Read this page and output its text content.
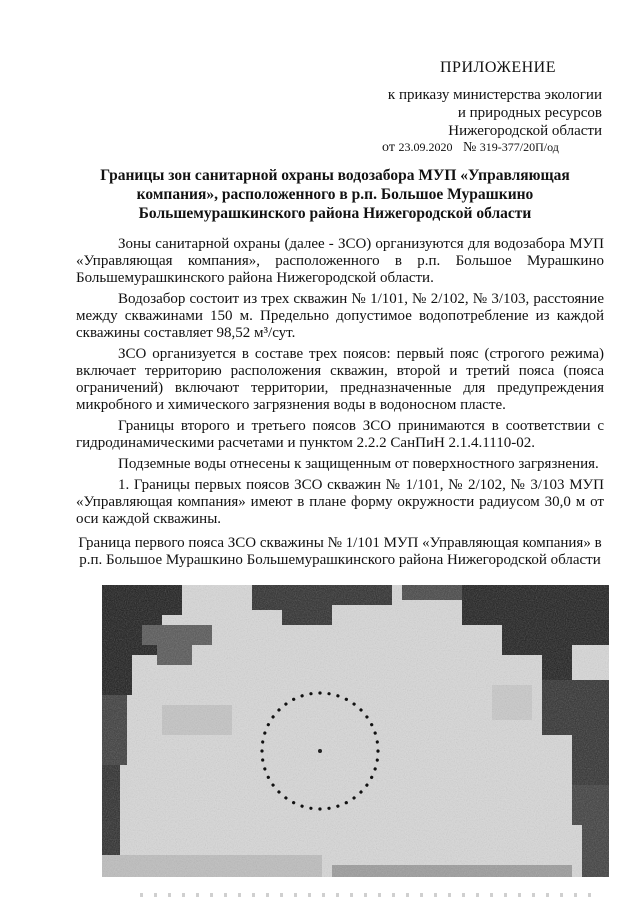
ПРИЛОЖЕНИЕ
к приказу министерства экологии
и природных ресурсов
Нижегородской области
от 23.09.2020 № 319-377/20П/од
Границы зон санитарной охраны водозабора МУП «Управляющая компания», расположенного в р.п. Большое Мурашкино Большемурашкинского района Нижегородской области

Зоны санитарной охраны (далее - ЗСО) организуются для водозабора МУП «Управляющая компания», расположенного в р.п. Большое Мурашкино Большемурашкинского района Нижегородской области.

Водозабор состоит из трех скважин № 1/101, № 2/102, № 3/103, расстояние между скважинами 150 м. Предельно допустимое водопотребление из каждой скважины составляет 98,52 м³/сут.

ЗСО организуется в составе трех поясов: первый пояс (строгого режима) включает территорию расположения скважин, второй и третий пояса (пояса ограничений) включают территории, предназначенные для предупреждения микробного и химического загрязнения воды в водоносном пласте.

Границы второго и третьего поясов ЗСО принимаются в соответствии с гидродинамическими расчетами и пунктом 2.2.2 СанПиН 2.1.4.1110-02.

Подземные воды отнесены к защищенным от поверхностного загрязнения.

1. Границы первых поясов ЗСО скважин № 1/101, № 2/102, № 3/103 МУП «Управляющая компания» имеют в плане форму окружности радиусом 30,0 м от оси каждой скважины.

Граница первого пояса ЗСО скважины № 1/101 МУП «Управляющая компания» в р.п. Большое Мурашкино Большемурашкинского района Нижегородской области
